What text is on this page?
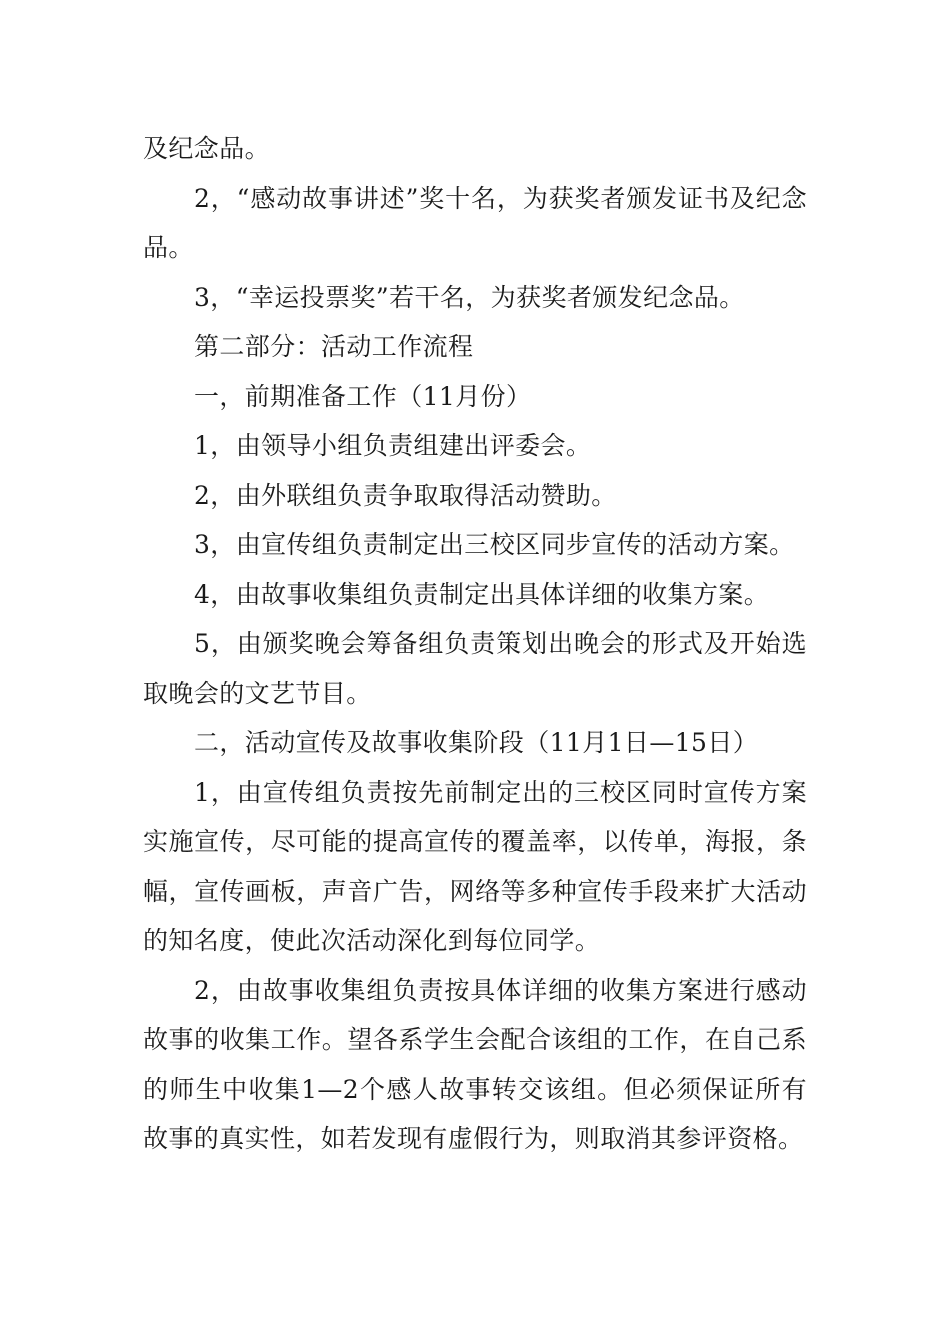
及纪念品。

2，“感动故事讲述”奖十名，为获奖者颁发证书及纪念品。

3，“幸运投票奖”若干名，为获奖者颁发纪念品。

第二部分：活动工作流程

一，前期准备工作（11月份）

1，由领导小组负责组建出评委会。

2，由外联组负责争取取得活动赞助。

3，由宣传组负责制定出三校区同步宣传的活动方案。

4，由故事收集组负责制定出具体详细的收集方案。

5，由颁奖晚会筹备组负责策划出晚会的形式及开始选取晚会的文艺节目。

二，活动宣传及故事收集阶段（11月1日—15日）

1，由宣传组负责按先前制定出的三校区同时宣传方案实施宣传，尽可能的提高宣传的覆盖率，以传单，海报，条幅，宣传画板，声音广告，网络等多种宣传手段来扩大活动的知名度，使此次活动深化到每位同学。

2，由故事收集组负责按具体详细的收集方案进行感动故事的收集工作。望各系学生会配合该组的工作，在自己系的师生中收集1—2个感人故事转交该组。但必须保证所有故事的真实性，如若发现有虚假行为，则取消其参评资格。
